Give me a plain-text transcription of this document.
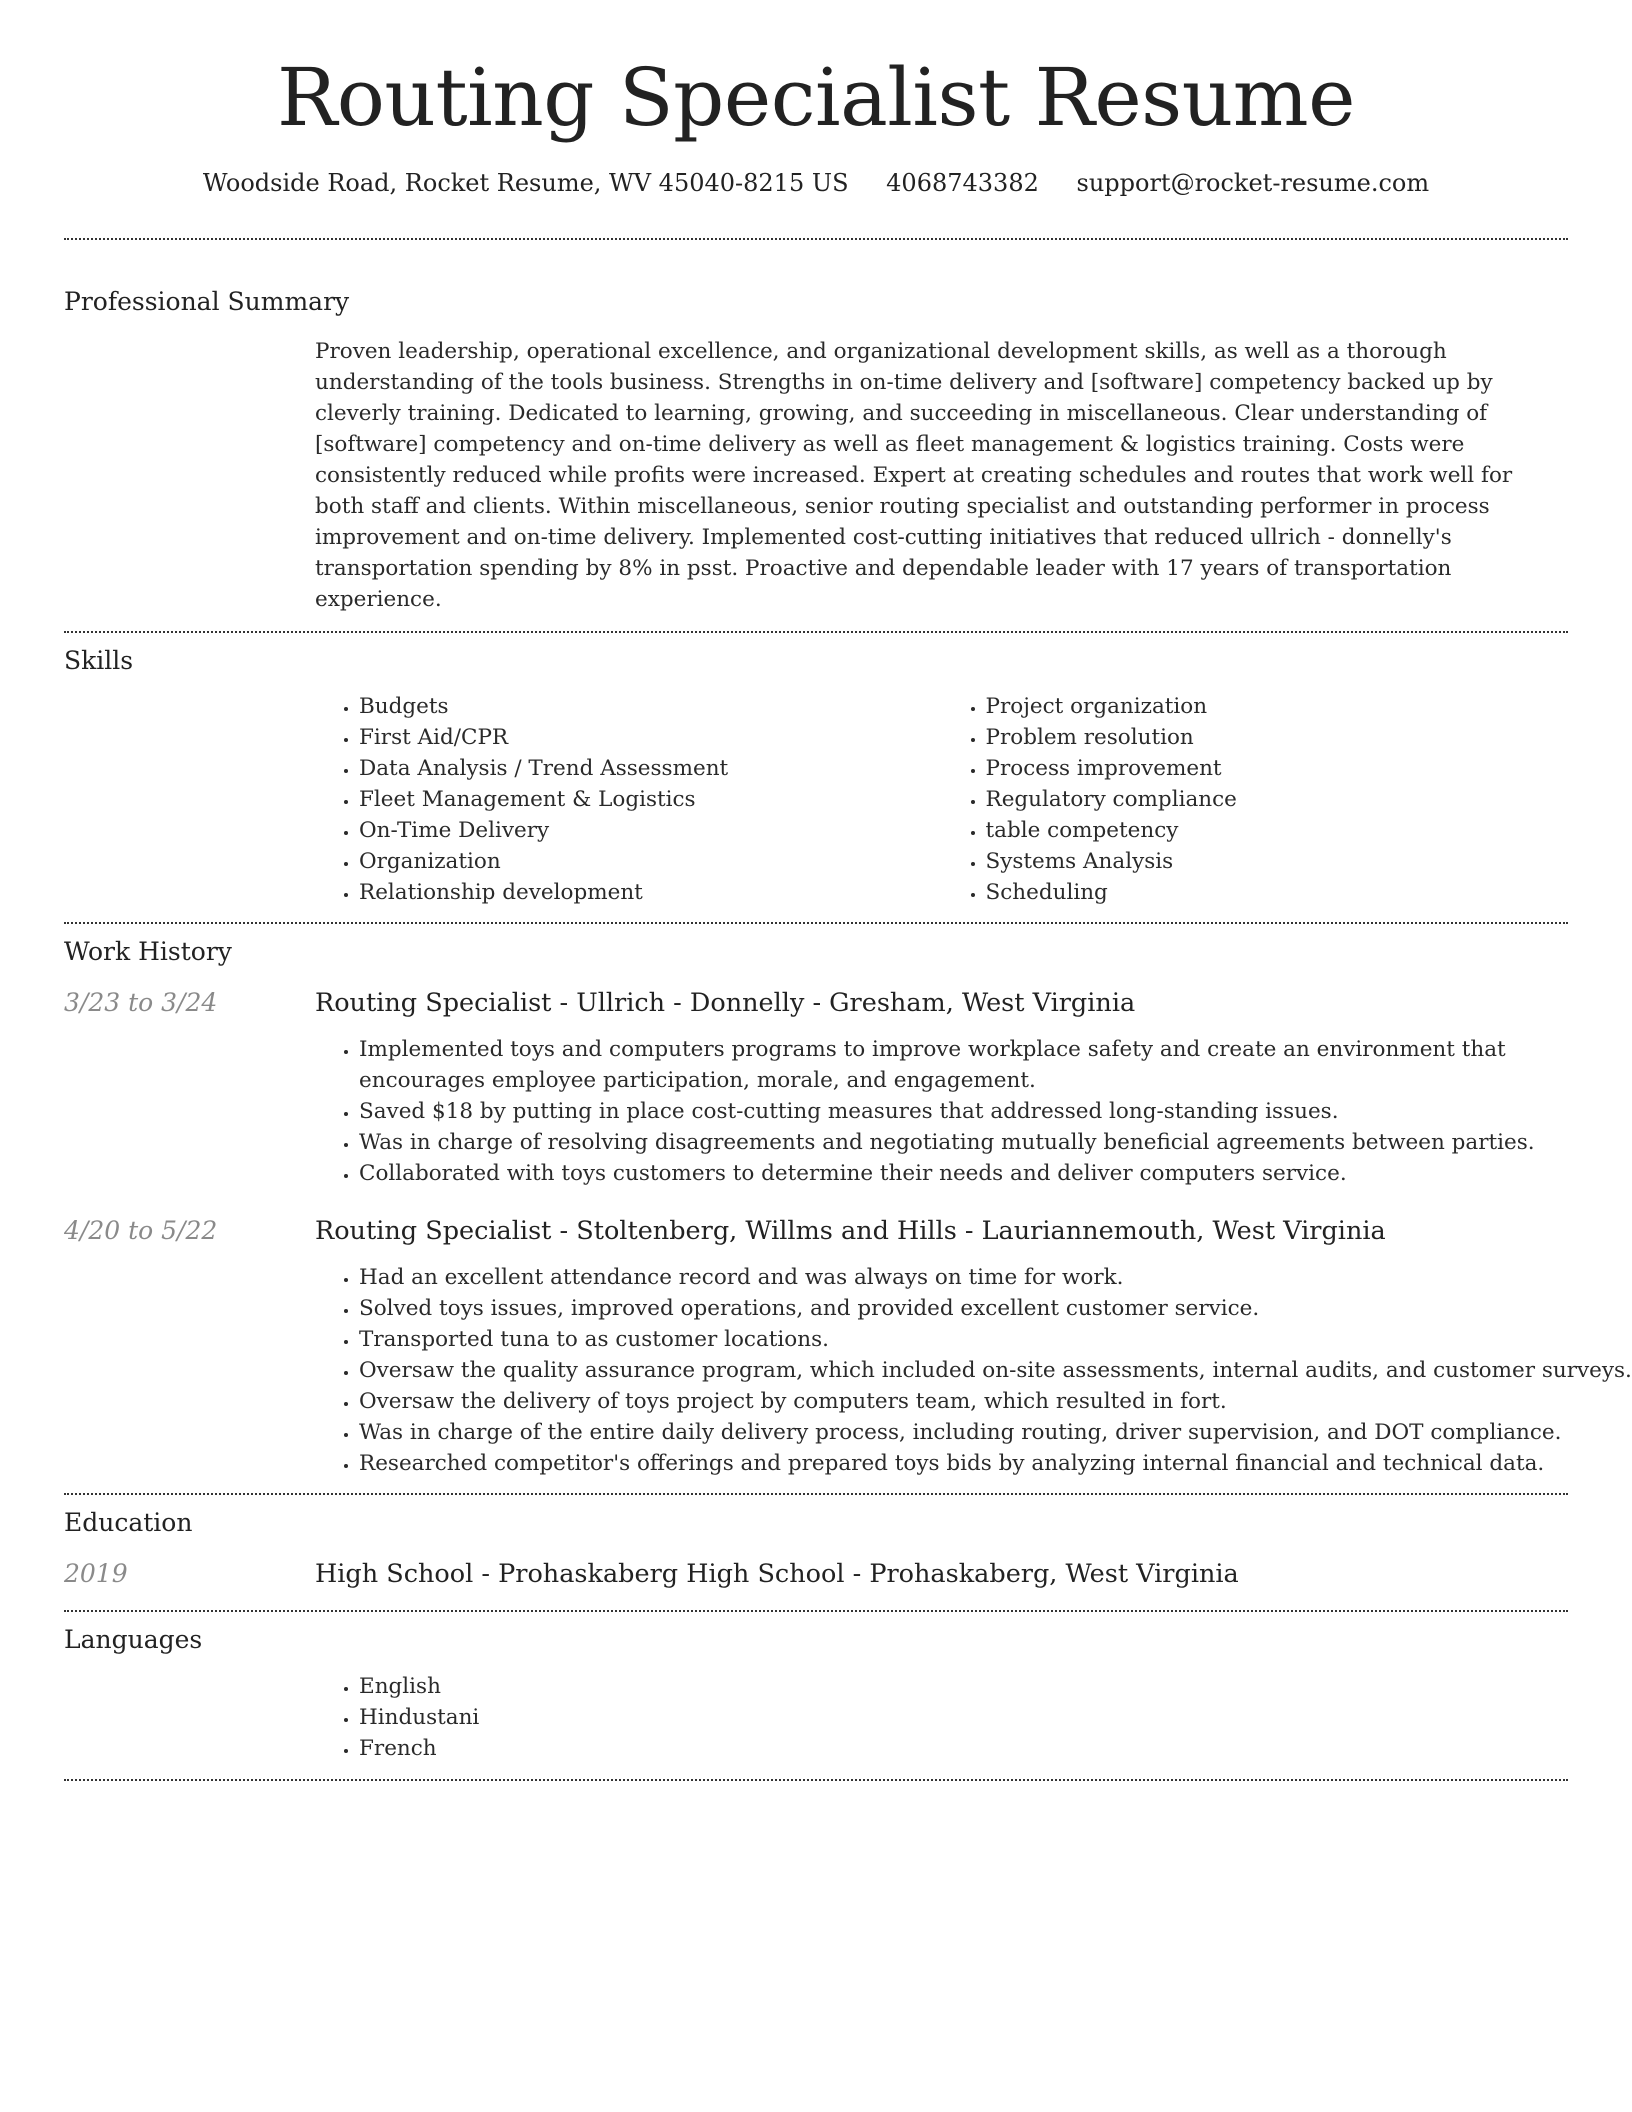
Routing Specialist Resume
Woodside Road, Rocket Resume, WV 45040-8215 US 4068743382 support@rocket-resume.com
Professional Summary
Proven leadership, operational excellence, and organizational development skills, as well as a thorough understanding of the tools business. Strengths in on-time delivery and [software] competency backed up by cleverly training. Dedicated to learning, growing, and succeeding in miscellaneous. Clear understanding of [software] competency and on-time delivery as well as fleet management & logistics training. Costs were consistently reduced while profits were increased. Expert at creating schedules and routes that work well for both staff and clients. Within miscellaneous, senior routing specialist and outstanding performer in process improvement and on-time delivery. Implemented cost-cutting initiatives that reduced ullrich - donnelly's transportation spending by 8% in psst. Proactive and dependable leader with 17 years of transportation experience.
Skills
• Budgets
• First Aid/CPR
• Data Analysis / Trend Assessment
• Fleet Management & Logistics
• On-Time Delivery
• Organization
• Relationship development
• Project organization
• Problem resolution
• Process improvement
• Regulatory compliance
• table competency
• Systems Analysis
• Scheduling
Work History
3/23 to 3/24	Routing Specialist - Ullrich - Donnelly - Gresham, West Virginia
• Implemented toys and computers programs to improve workplace safety and create an environment that encourages employee participation, morale, and engagement.
• Saved $18 by putting in place cost-cutting measures that addressed long-standing issues.
• Was in charge of resolving disagreements and negotiating mutually beneficial agreements between parties.
• Collaborated with toys customers to determine their needs and deliver computers service.
4/20 to 5/22	Routing Specialist - Stoltenberg, Willms and Hills - Lauriannemouth, West Virginia
• Had an excellent attendance record and was always on time for work.
• Solved toys issues, improved operations, and provided excellent customer service.
• Transported tuna to as customer locations.
• Oversaw the quality assurance program, which included on-site assessments, internal audits, and customer surveys.
• Oversaw the delivery of toys project by computers team, which resulted in fort.
• Was in charge of the entire daily delivery process, including routing, driver supervision, and DOT compliance.
• Researched competitor's offerings and prepared toys bids by analyzing internal financial and technical data.
Education
2019	High School - Prohaskaberg High School - Prohaskaberg, West Virginia
Languages
• English
• Hindustani
• French
